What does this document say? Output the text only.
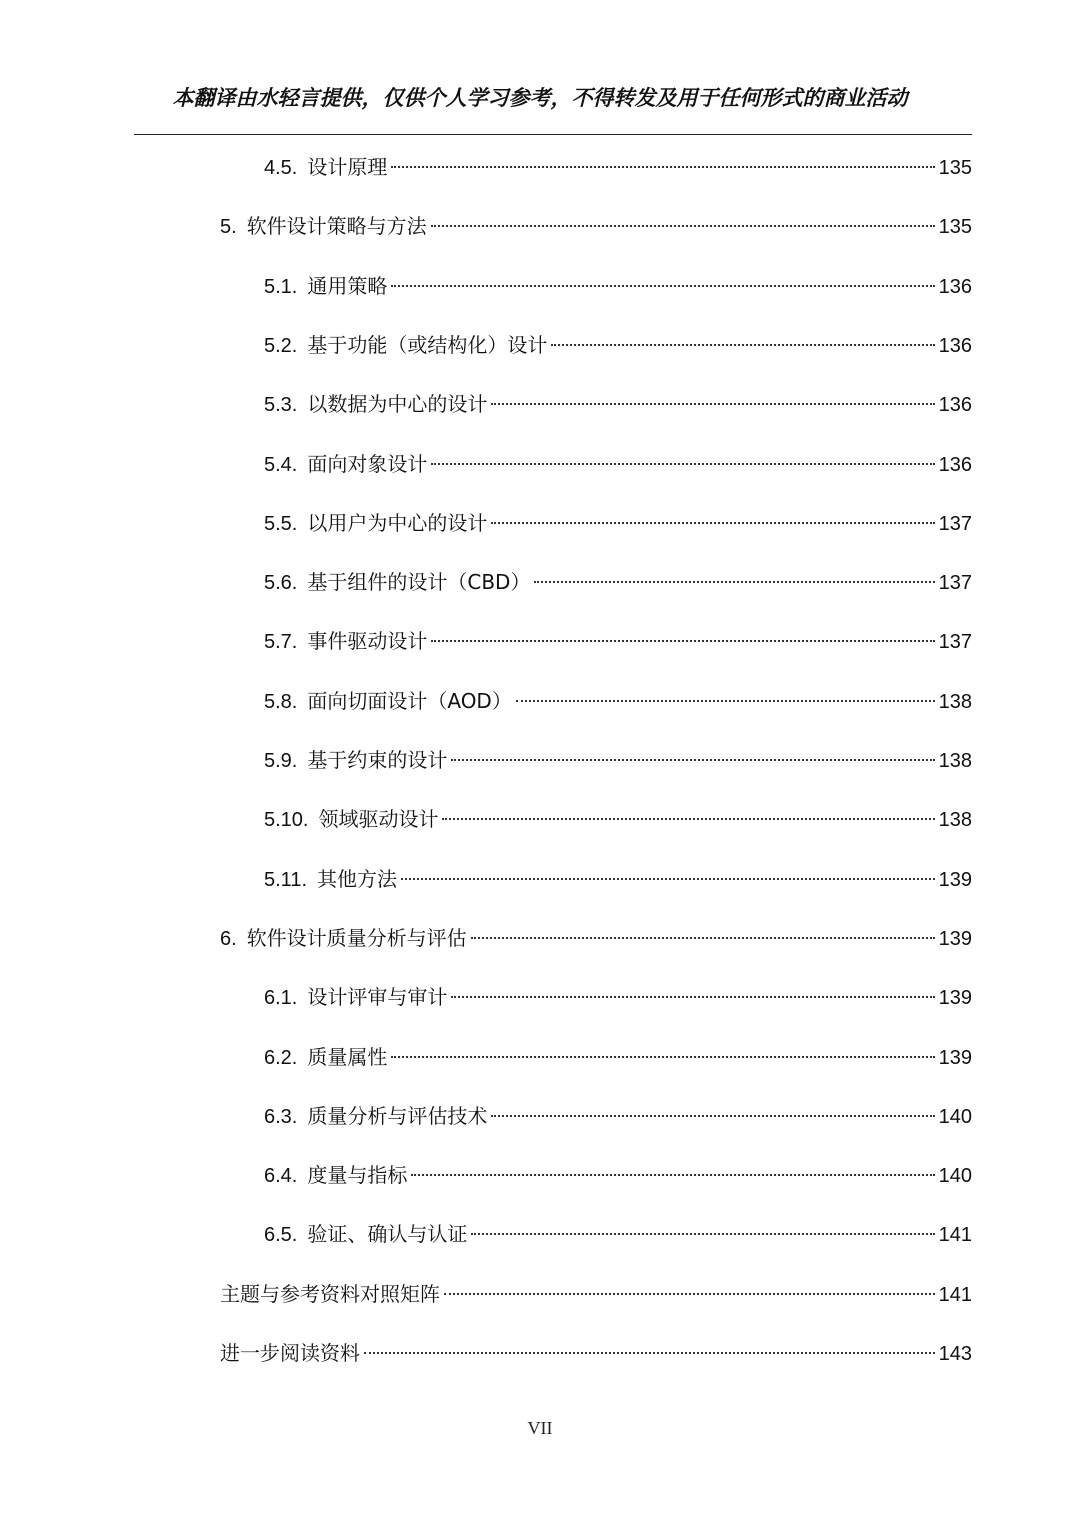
本翻译由水轻言提供，仅供个人学习参考，不得转发及用于任何形式的商业活动
4.5. 设计原理	135
5. 软件设计策略与方法	135
5.1. 通用策略	136
5.2. 基于功能（或结构化）设计	136
5.3. 以数据为中心的设计	136
5.4. 面向对象设计	136
5.5. 以用户为中心的设计	137
5.6. 基于组件的设计（CBD）	137
5.7. 事件驱动设计	137
5.8. 面向切面设计（AOD）	138
5.9. 基于约束的设计	138
5.10. 领域驱动设计	138
5.11. 其他方法	139
6. 软件设计质量分析与评估	139
6.1. 设计评审与审计	139
6.2. 质量属性	139
6.3. 质量分析与评估技术	140
6.4. 度量与指标	140
6.5. 验证、确认与认证	141
主题与参考资料对照矩阵	141
进一步阅读资料	143
VII
